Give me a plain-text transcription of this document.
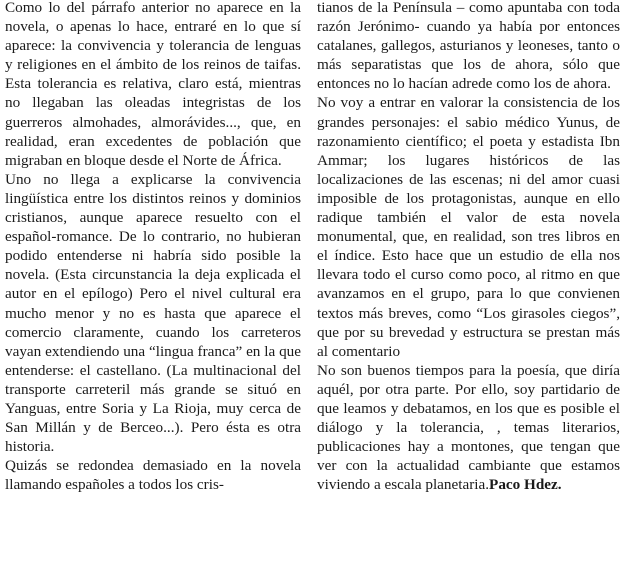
Como lo del párrafo anterior no aparece en la novela, o apenas lo hace, entraré en lo que sí aparece: la convivencia y tolerancia de lenguas y religiones en el ámbito de los reinos de taifas. Esta tolerancia es relativa, claro está, mientras no llegaban las oleadas integristas de los guerreros almohades, almorávides..., que, en realidad, eran excedentes de población que migraban en bloque desde el Norte de África.

Uno no llega a explicarse la convivencia lingüística entre los distintos reinos y dominios cristianos, aunque aparece resuelto con el español-romance. De lo contrario, no hubieran podido entenderse ni habría sido posible la novela. (Esta circunstancia la deja explicada el autor en el epílogo) Pero el nivel cultural era mucho menor y no es hasta que aparece el comercio claramente, cuando los carreteros vayan extendiendo una “lingua franca” en la que entenderse: el castellano. (La multinacional del transporte carreteril más grande se situó en Yanguas, entre Soria y La Rioja, muy cerca de San Millán y de Berceo...). Pero ésta es otra historia.

Quizás se redondea demasiado en la novela llamando españoles a todos los cris-

tianos de la Península – como apuntaba con toda razón Jerónimo- cuando ya había por entonces catalanes, gallegos, asturianos y leoneses, tanto o más separatistas que los de ahora, sólo que entonces no lo hacían adrede como los de ahora.

No voy a entrar en valorar la consistencia de los grandes personajes: el sabio médico Yunus, de razonamiento científico; el poeta y estadista Ibn Ammar; los lugares históricos de las localizaciones de las escenas; ni del amor cuasi imposible de los protagonistas, aunque en ello radique también el valor de esta novela monumental, que, en realidad, son tres libros en el índice. Esto hace que un estudio de ella nos llevara todo el curso como poco, al ritmo en que avanzamos en el grupo, para lo que convienen textos más breves, como “Los girasoles ciegos”, que por su brevedad y estructura se prestan más al comentario

No son buenos tiempos para la poesía, que diría aquél, por otra parte. Por ello, soy partidario de que leamos y debatamos, en los que es posible el diálogo y la tolerancia, , temas literarios, publicaciones hay a montones, que tengan que ver con la actualidad cambiante que estamos viviendo a escala planetaria.Paco Hdez.
